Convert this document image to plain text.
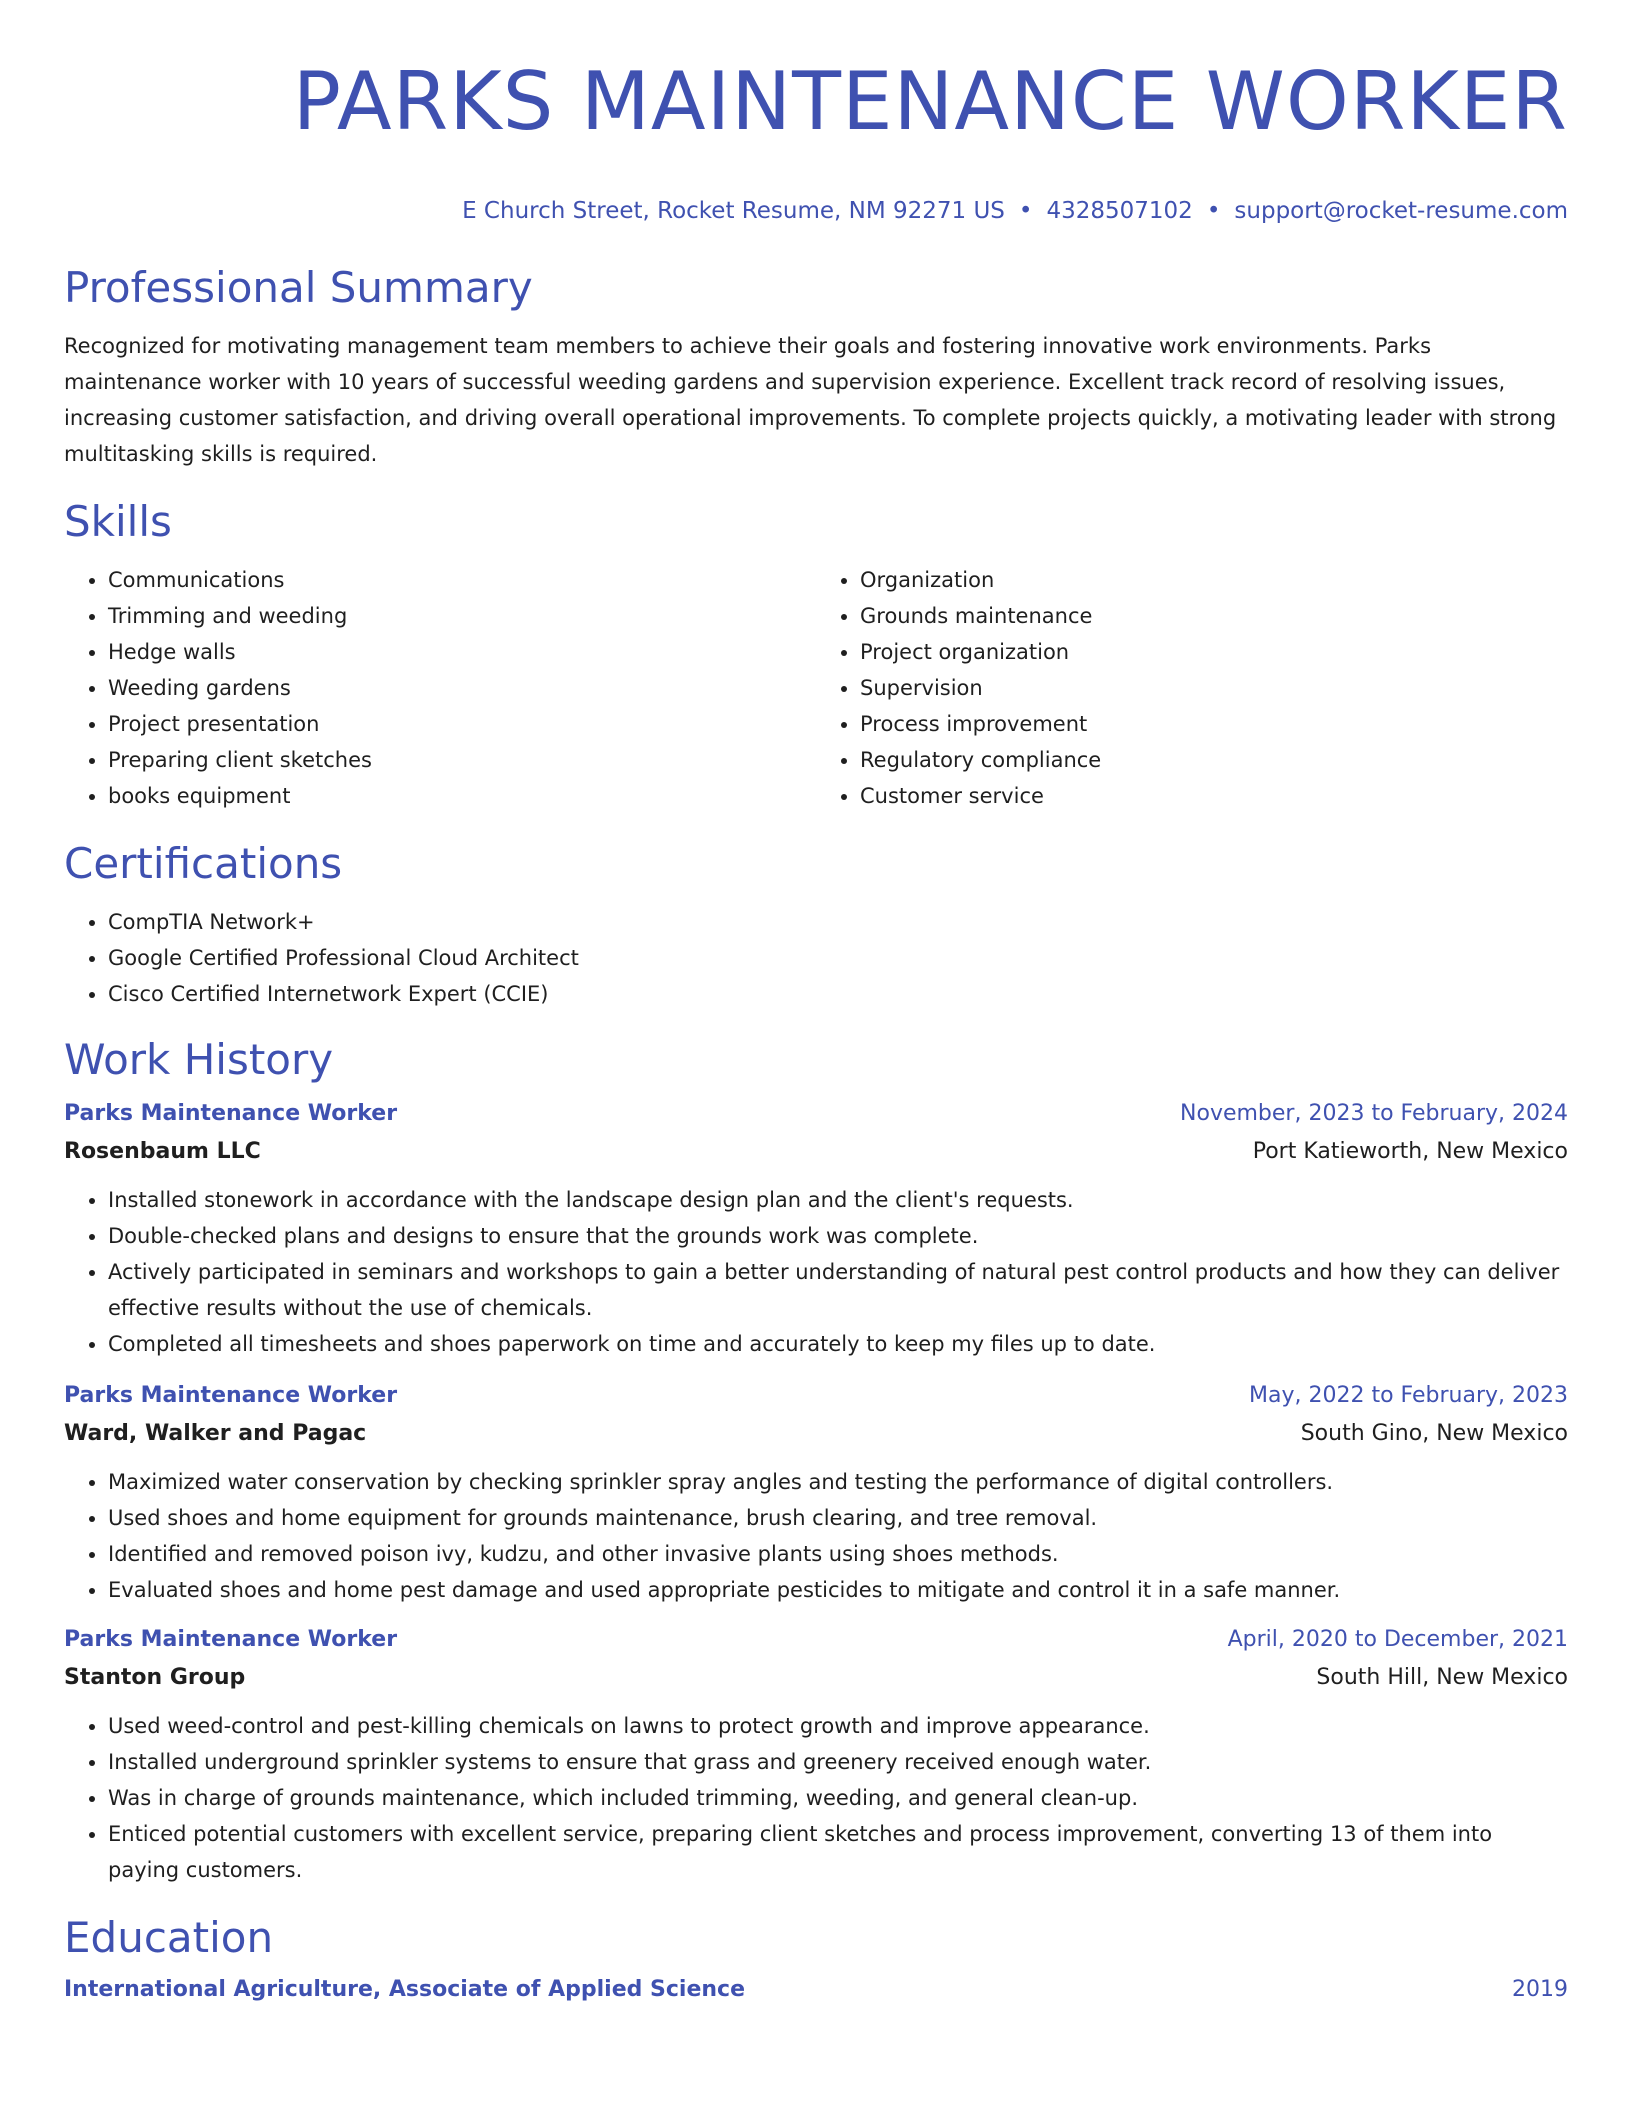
PARKS MAINTENANCE WORKER
E Church Street, Rocket Resume, NM 92271 US • 4328507102 • support@rocket-resume.com
Professional Summary

Recognized for motivating management team members to achieve their goals and fostering innovative work environments. Parks maintenance worker with 10 years of successful weeding gardens and supervision experience. Excellent track record of resolving issues, increasing customer satisfaction, and driving overall operational improvements. To complete projects quickly, a motivating leader with strong multitasking skills is required.

Skills
• Communications
• Trimming and weeding
• Hedge walls
• Weeding gardens
• Project presentation
• Preparing client sketches
• books equipment
• Organization
• Grounds maintenance
• Project organization
• Supervision
• Process improvement
• Regulatory compliance
• Customer service
Certifications
• CompTIA Network+
• Google Certified Professional Cloud Architect
• Cisco Certified Internetwork Expert (CCIE)
Work History
Parks Maintenance Worker	November, 2023 to February, 2024
Rosenbaum LLC	Port Katieworth, New Mexico
• Installed stonework in accordance with the landscape design plan and the client's requests.
• Double-checked plans and designs to ensure that the grounds work was complete.
• Actively participated in seminars and workshops to gain a better understanding of natural pest control products and how they can deliver effective results without the use of chemicals.
• Completed all timesheets and shoes paperwork on time and accurately to keep my files up to date.
Parks Maintenance Worker	May, 2022 to February, 2023
Ward, Walker and Pagac	South Gino, New Mexico
• Maximized water conservation by checking sprinkler spray angles and testing the performance of digital controllers.
• Used shoes and home equipment for grounds maintenance, brush clearing, and tree removal.
• Identified and removed poison ivy, kudzu, and other invasive plants using shoes methods.
• Evaluated shoes and home pest damage and used appropriate pesticides to mitigate and control it in a safe manner.
Parks Maintenance Worker	April, 2020 to December, 2021
Stanton Group	South Hill, New Mexico
• Used weed-control and pest-killing chemicals on lawns to protect growth and improve appearance.
• Installed underground sprinkler systems to ensure that grass and greenery received enough water.
• Was in charge of grounds maintenance, which included trimming, weeding, and general clean-up.
• Enticed potential customers with excellent service, preparing client sketches and process improvement, converting 13 of them into paying customers.
Education
International Agriculture, Associate of Applied Science	2019
